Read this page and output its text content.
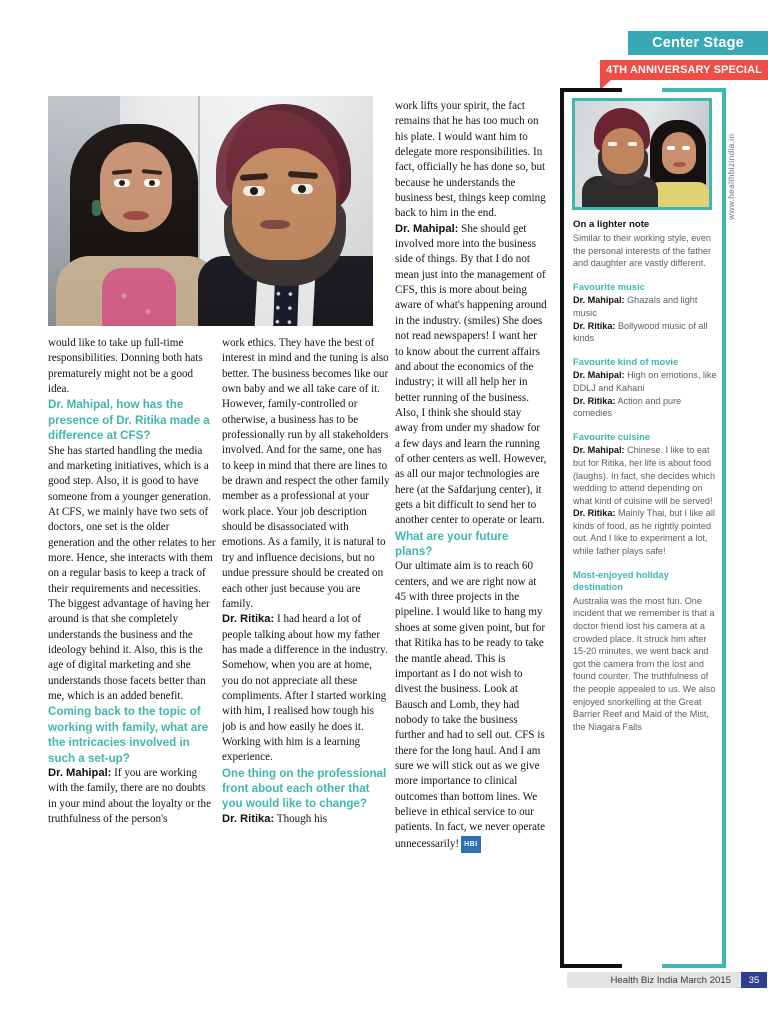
Center Stage
4TH ANNIVERSARY SPECIAL

would like to take up full-time responsibilities. Donning both hats prematurely might not be a good idea.

Dr. Mahipal, how has the presence of Dr. Ritika made a difference at CFS?

She has started handling the media and marketing initiatives, which is a good step. Also, it is good to have someone from a younger generation. At CFS, we mainly have two sets of doctors, one set is the older generation and the other relates to her more. Hence, she interacts with them on a regular basis to keep a track of their requirements and necessities. The biggest advantage of having her around is that she completely understands the business and the ideology behind it. Also, this is the age of digital marketing and she understands those facets better than me, which is an added benefit.

Coming back to the topic of working with family, what are the intricacies involved in such a set-up?

Dr. Mahipal: If you are working with the family, there are no doubts in your mind about the loyalty or the truthfulness of the person's

work ethics. They have the best of interest in mind and the tuning is also better. The business becomes like our own baby and we all take care of it. However, family-controlled or otherwise, a business has to be professionally run by all stakeholders involved. And for the same, one has to keep in mind that there are lines to be drawn and respect the other family member as a professional at your work place. Your job description should be disassociated with emotions. As a family, it is natural to try and influence decisions, but no undue pressure should be created on each other just because you are family.

Dr. Ritika: I had heard a lot of people talking about how my father has made a difference in the industry. Somehow, when you are at home, you do not appreciate all these compliments. After I started working with him, I realised how tough his job is and how easily he does it. Working with him is a learning experience.

One thing on the professional front about each other that you would like to change?

Dr. Ritika: Though his

work lifts your spirit, the fact remains that he has too much on his plate. I would want him to delegate more responsibilities. In fact, officially he has done so, but because he understands the business best, things keep coming back to him in the end.

Dr. Mahipal: She should get involved more into the business side of things. By that I do not mean just into the management of CFS, this is more about being aware of what's happening around in the industry. (smiles) She does not read newspapers! I want her to know about the current affairs and about the economics of the industry; it will all help her in better running of the business. Also, I think she should stay away from under my shadow for a few days and learn the running of other centers as well. However, as all our major technologies are here (at the Safdarjung center), it gets a bit difficult to send her to another center to operate or learn.

What are your future plans?

Our ultimate aim is to reach 60 centers, and we are right now at 45 with three projects in the pipeline. I would like to hang my shoes at some given point, but for that Ritika has to be ready to take the mantle ahead. This is important as I do not wish to divest the business. Look at Bausch and Lomb, they had nobody to take the business further and had to sell out. CFS is there for the long haul. And I am sure we will stick out as we give more importance to clinical outcomes than bottom lines. We believe in ethical service to our patients. In fact, we never operate unnecessarily! HBI

On a lighter note

Similar to their working style, even the personal interests of the father and daughter are vastly different.

Favourite music

Dr. Mahipal: Ghazals and light music

Dr. Ritika: Bollywood music of all kinds

Favourite kind of movie

Dr. Mahipal: High on emotions, like DDLJ and Kahani

Dr. Ritika: Action and pure comedies

Favourite cuisine

Dr. Mahipal: Chinese. I like to eat but for Ritika, her life is about food (laughs). In fact, she decides which wedding to attend depending on what kind of cuisine will be served!

Dr. Ritika: Mainly Thai, but I like all kinds of food, as he rightly pointed out. And I like to experiment a lot, while father plays safe!

Most-enjoyed holiday destination

Australia was the most fun. One incident that we remember is that a doctor friend lost his camera at a crowded place. It struck him after 15-20 minutes, we went back and got the camera from the lost and found counter. The truthfulness of the people appealed to us. We also enjoyed snorkelling at the Great Barrier Reef and Maid of the Mist, the Niagara Falls

www.healthbizindia.in
Health Biz India March 2015	35
